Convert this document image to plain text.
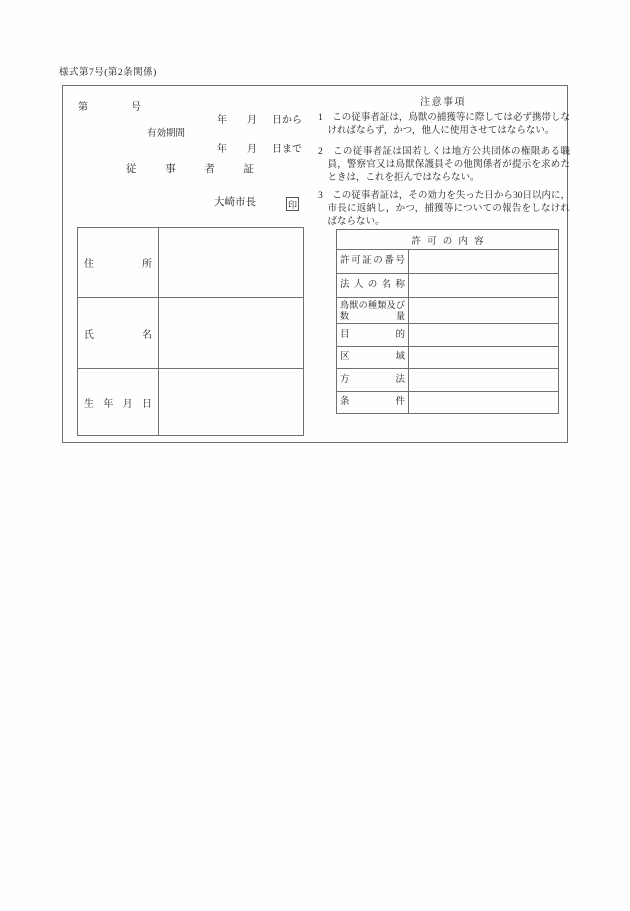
様式第7号(第2条関係)
第	号
有効期間
年 月 日から
年 月 日まで
従事者証
大崎市長	印
住所
氏名
生年月日
注意事項
1　この従事者証は，鳥獣の捕獲等に際しては必ず携帯しなければならず，かつ，他人に使用させてはならない。
2　この従事者証は国若しくは地方公共団体の権限ある職員，警察官又は鳥獣保護員その他関係者が提示を求めたときは，これを拒んではならない。
3　この従事者証は，その効力を失った日から30日以内に，市長に返納し，かつ，捕獲等についての報告をしなければならない。
許可の内容
許可証の番号
法人の名称
鳥獣の種類及び
数量
目的
区域
方法
条件
